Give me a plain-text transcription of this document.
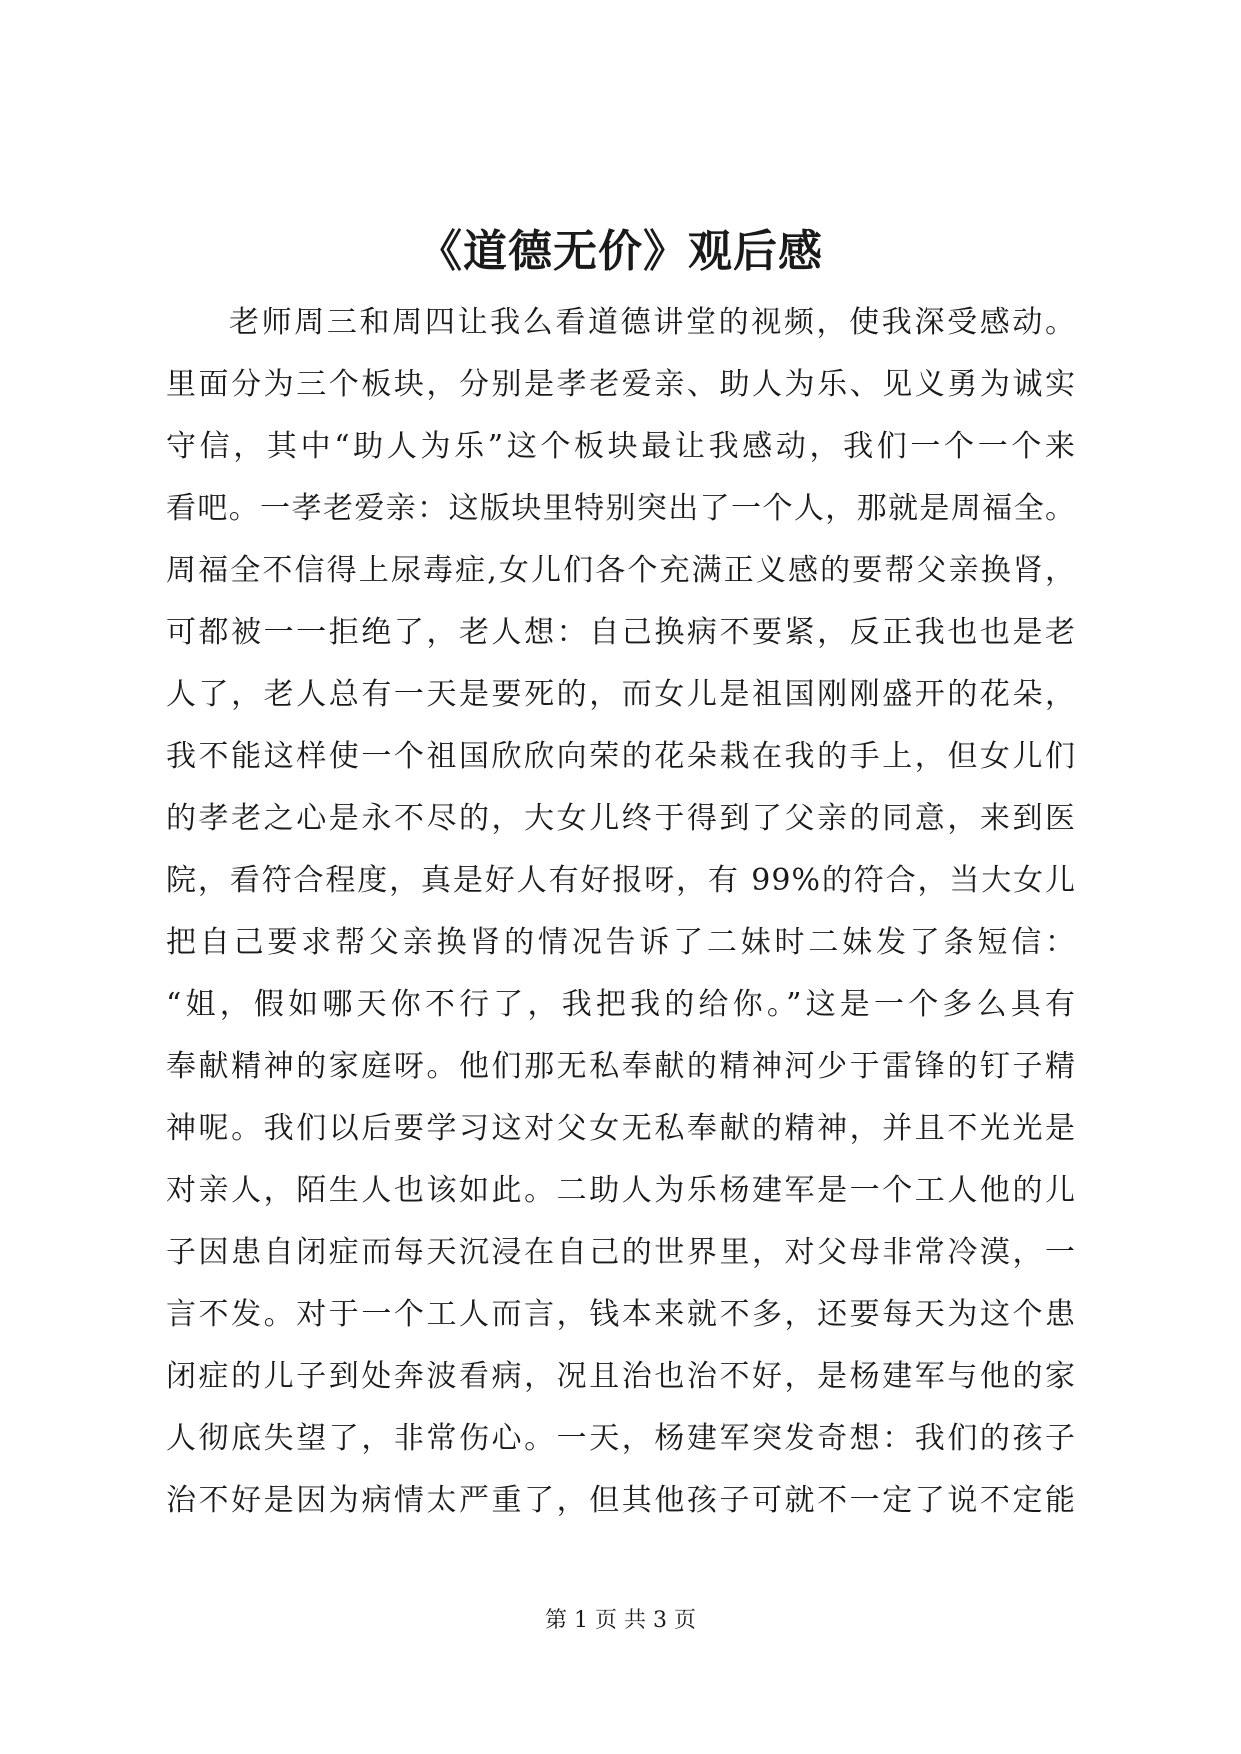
《道德无价》观后感
老师周三和周四让我么看道德讲堂的视频，使我深受感动。
里面分为三个板块，分别是孝老爱亲、助人为乐、见义勇为诚实
守信，其中“助人为乐”这个板块最让我感动，我们一个一个来
看吧。一孝老爱亲：这版块里特别突出了一个人，那就是周福全。
周福全不信得上尿毒症,女儿们各个充满正义感的要帮父亲换肾，
可都被一一拒绝了，老人想：自己换病不要紧，反正我也也是老
人了，老人总有一天是要死的，而女儿是祖国刚刚盛开的花朵，
我不能这样使一个祖国欣欣向荣的花朵栽在我的手上，但女儿们
的孝老之心是永不尽的，大女儿终于得到了父亲的同意，来到医
院，看符合程度，真是好人有好报呀，有 99%的符合，当大女儿
把自己要求帮父亲换肾的情况告诉了二妹时二妹发了条短信：
“姐，假如哪天你不行了，我把我的给你。”这是一个多么具有
奉献精神的家庭呀。他们那无私奉献的精神河少于雷锋的钉子精
神呢。我们以后要学习这对父女无私奉献的精神，并且不光光是
对亲人，陌生人也该如此。二助人为乐杨建军是一个工人他的儿
子因患自闭症而每天沉浸在自己的世界里，对父母非常冷漠，一
言不发。对于一个工人而言，钱本来就不多，还要每天为这个患
闭症的儿子到处奔波看病，况且治也治不好，是杨建军与他的家
人彻底失望了，非常伤心。一天，杨建军突发奇想：我们的孩子
治不好是因为病情太严重了，但其他孩子可就不一定了说不定能
第 1 页 共 3 页
